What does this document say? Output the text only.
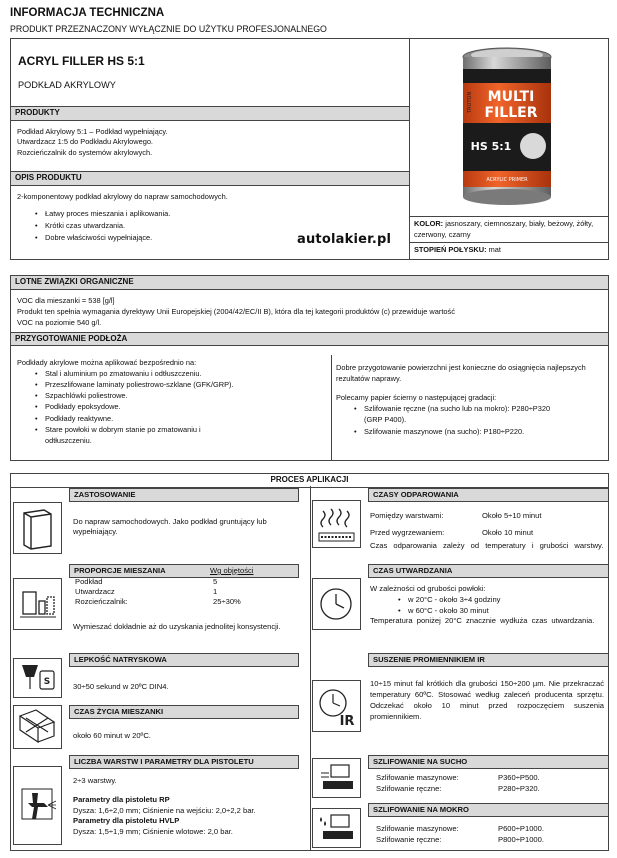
INFORMACJA TECHNICZNA
PRODUKT PRZEZNACZONY WYŁĄCZNIE DO UŻYTKU PROFESJONALNEGO
ACRYL FILLER HS 5:1
PODKŁAD AKRYLOWY
PRODUKTY
Podkład Akrylowy 5:1 – Podkład wypełniający.
Utwardzacz 1:5 do Podkładu Akrylowego.
Rozcieńczalnik do systemów akrylowych.
OPIS PRODUKTU
2-komponentowy podkład akrylowy do napraw samochodowych.
• Łatwy proces mieszania i aplikowania.
• Krótki czas utwardzania.
• Dobre właściwości wypełniające.	autolakier.pl
TROTON MULTI
FILLER
HS 5:1
ACRYLIC PRIMER
KOLOR: jasnoszary, ciemnoszary, biały, beżowy, żółty, czerwony, czarny
STOPIEŃ POŁYSKU: mat
LOTNE ZWIĄZKI ORGANICZNE
VOC dla mieszanki = 538 [g/l]
Produkt ten spełnia wymagania dyrektywy Unii Europejskiej (2004/42/EC/II B), która dla tej kategorii produktów (c) przewiduje wartość
VOC na poziomie 540 g/l.
PRZYGOTOWANIE PODŁOŻA
Podkłady akrylowe można aplikować bezpośrednio na:
• Stal i aluminium po zmatowaniu i odtłuszczeniu.
• Przeszlifowane laminaty poliestrowo-szklane (GFK/GRP).
• Szpachlówki poliestrowe.
• Podkłady epoksydowe.
• Podkłady reaktywne.
• Stare powłoki w dobrym stanie po zmatowaniu i odtłuszczeniu.
Dobre przygotowanie powierzchni jest konieczne do osiągnięcia najlepszych rezultatów naprawy.
Polecamy papier ścierny o następującej gradacji:
• Szlifowanie ręczne (na sucho lub na mokro): P280÷P320 (GRP P400).
• Szlifowanie maszynowe (na sucho): P180÷P220.
PROCES APLIKACJI
ZASTOSOWANIE
Do napraw samochodowych. Jako podkład gruntujący lub wypełniający.
PROPORCJE MIESZANIA	Wg objętości
Podkład	5
Utwardzacz	1
Rozcieńczalnik:	25÷30%
Wymieszać dokładnie aż do uzyskania jednolitej konsystencji.
S
LEPKOŚĆ NATRYSKOWA
30÷50 sekund w 20ºC DIN4.
CZAS ŻYCIA MIESZANKI
około 60 minut w 20ºC.
LICZBA WARSTW I PARAMETRY DLA PISTOLETU
2÷3 warstwy.
Parametry dla pistoletu RP
Dysza: 1,6÷2,0 mm; Ciśnienie na wejściu: 2,0÷2,2 bar.
Parametry dla pistoletu HVLP
Dysza: 1,5÷1,9 mm; Ciśnienie wlotowe: 2,0 bar.
CZASY ODPAROWANIA
Pomiędzy warstwami:	Około 5÷10 minut
Przed wygrzewaniem:	Około 10 minut
Czas odparowania zależy od temperatury i grubości warstwy.
CZAS UTWARDZANIA
W zależności od grubości powłoki:
• w 20°C - około 3÷4 godziny
• w 60°C - około 30 minut
Temperatura poniżej 20°C znacznie wydłuża czas utwardzania.
IR
SUSZENIE PROMIENNIKIEM IR
10÷15 minut fal krótkich dla grubości 150÷200 µm. Nie przekraczać temperatury 60ºC. Stosować według zaleceń producenta sprzętu. Odczekać około 10 minut przed rozpoczęciem suszenia promiennikiem.
SZLIFOWANIE NA SUCHO
Szlifowanie maszynowe:	P360÷P500.
Szlifowanie ręczne:	P280÷P320.
SZLIFOWANIE NA MOKRO
Szlifowanie maszynowe:	P600÷P1000.
Szlifowanie ręczne:	P800÷P1000.
